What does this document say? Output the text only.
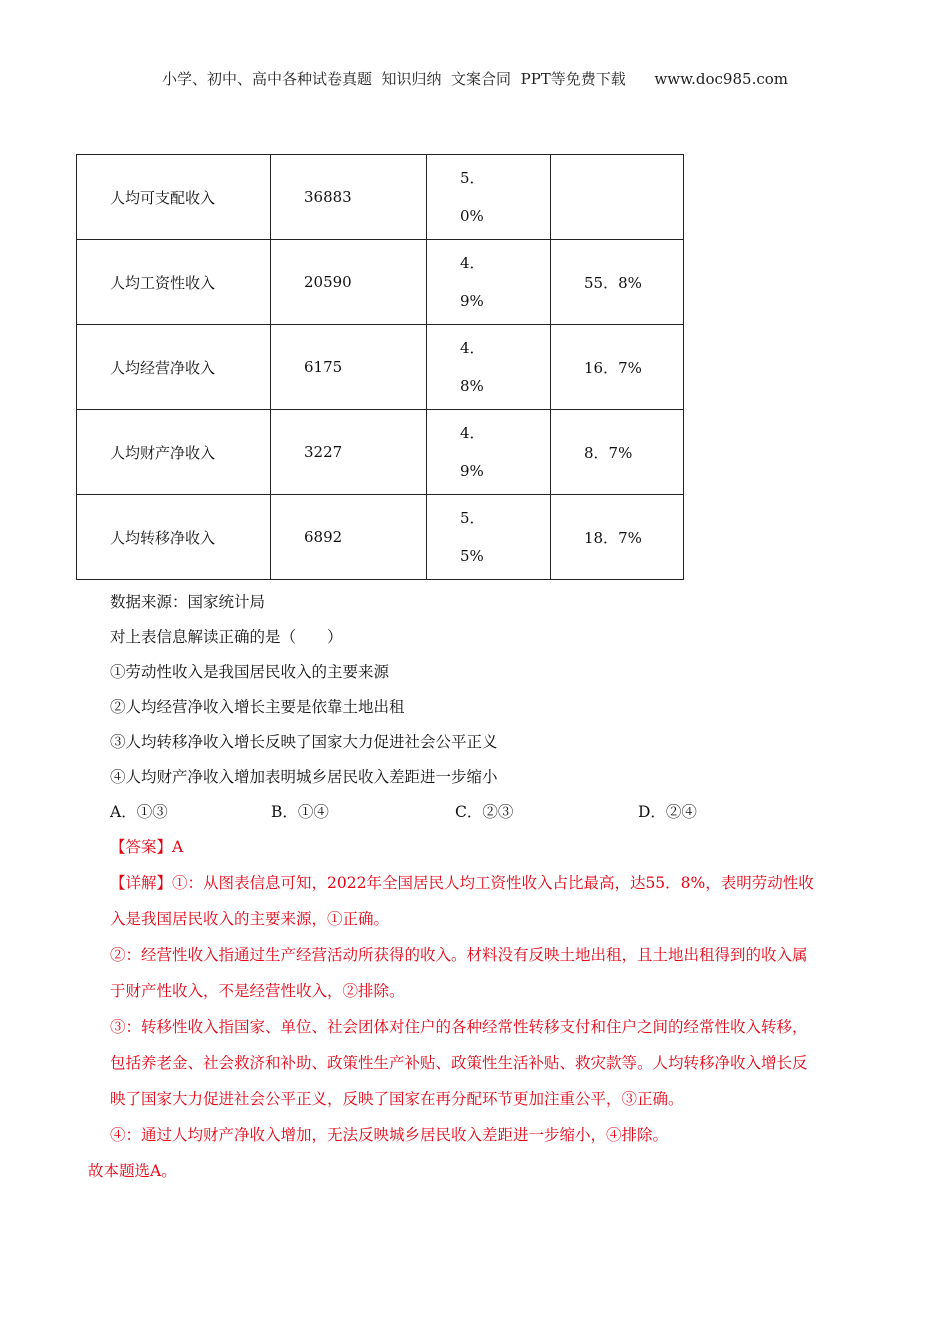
小学、初中、高中各种试卷真题  知识归纳  文案合同  PPT等免费下载      www.doc985.com
人均可支配收入	36883	5．0%	

人均工资性收入	20590	4．9%	55．8%
人均经营净收入	6175	4．8%	16．7%
人均财产净收入	3227	4．9%	8．7%
人均转移净收入	6892	5．5%	18．7%
数据来源：国家统计局
对上表信息解读正确的是（　　）
①劳动性收入是我国居民收入的主要来源
②人均经营净收入增长主要是依靠土地出租
③人均转移净收入增长反映了国家大力促进社会公平正义
④人均财产净收入增加表明城乡居民收入差距进一步缩小
A．①③	B．①④	C．②③	D．②④
【答案】A
【详解】①：从图表信息可知，2022年全国居民人均工资性收入占比最高，达55．8%，表明劳动性收
入是我国居民收入的主要来源，①正确。
②：经营性收入指通过生产经营活动所获得的收入。材料没有反映土地出租，且土地出租得到的收入属
于财产性收入，不是经营性收入，②排除。
③：转移性收入指国家、单位、社会团体对住户的各种经常性转移支付和住户之间的经常性收入转移，
包括养老金、社会救济和补助、政策性生产补贴、政策性生活补贴、救灾款等。人均转移净收入增长反
映了国家大力促进社会公平正义，反映了国家在再分配环节更加注重公平，③正确。
④：通过人均财产净收入增加，无法反映城乡居民收入差距进一步缩小，④排除。
故本题选A。
